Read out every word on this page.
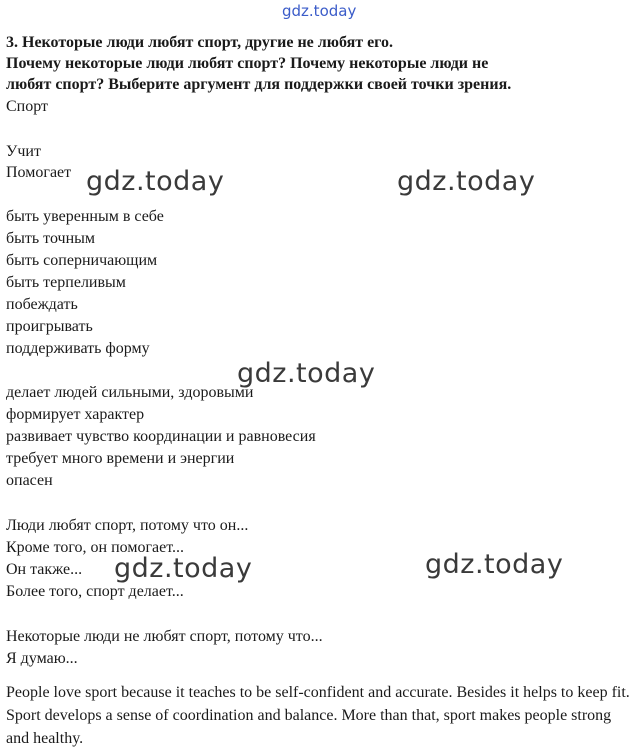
gdz.today
3. Некоторые люди любят спорт, другие не любят его.
Почему некоторые люди любят спорт? Почему некоторые люди не
любят спорт? Выберите аргумент для поддержки своей точки зрения.
Спорт
Учит
Помогает
быть уверенным в себе
быть точным
быть соперничающим
быть терпеливым
побеждать
проигрывать
поддерживать форму
делает людей сильными, здоровыми
формирует характер
развивает чувство координации и равновесия
требует много времени и энергии
опасен
Люди любят спорт, потому что он...
Кроме того, он помогает...
Он также...
Более того, спорт делает...
Некоторые люди не любят спорт, потому что...
Я думаю...
People love sport because it teaches to be self-confident and accurate. Besides it helps to keep fit. Sport develops a sense of coordination and balance. More than that, sport makes people strong and healthy.
gdz.today	gdz.today
gdz.today
gdz.today	gdz.today
